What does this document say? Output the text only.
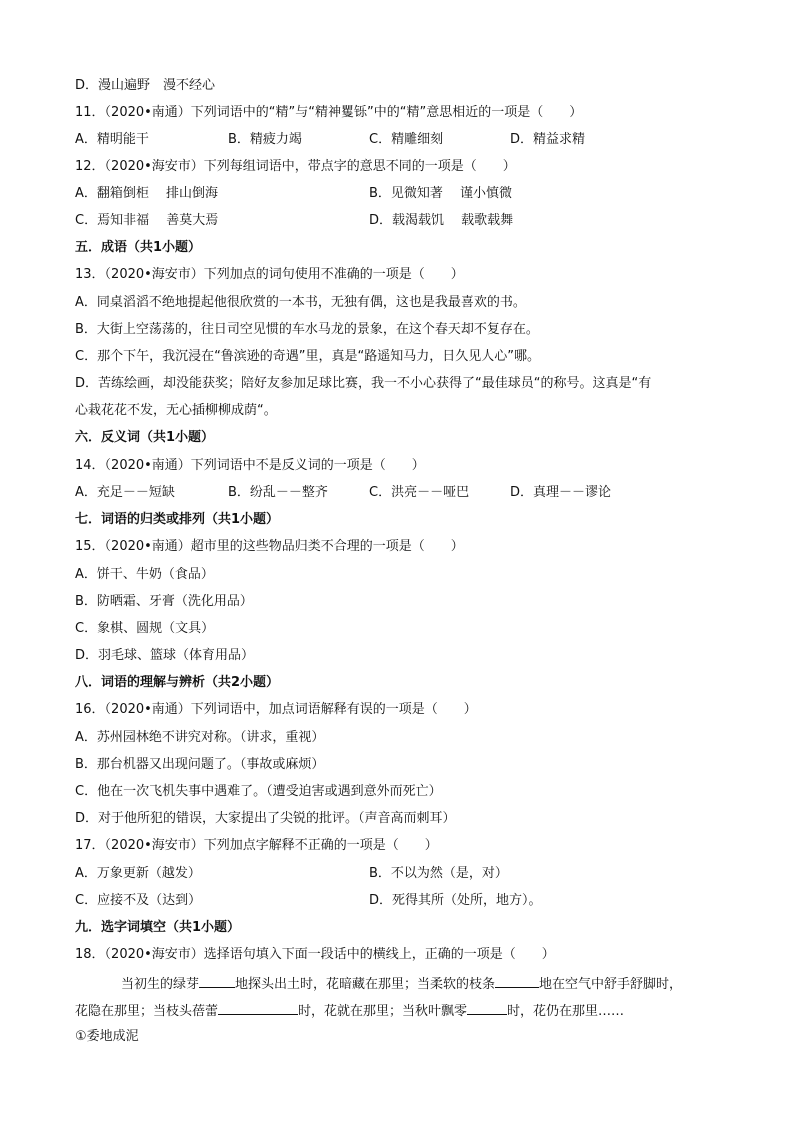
D．漫山遍野　漫不经心
11．（2020•南通）下列词语中的“精”与“精神矍铄”中的“精”意思相近的一项是（　　）
A．精明能干	B．精疲力竭	C．精雕细刻	D．精益求精
12．（2020•海安市）下列每组词语中，带点字的意思不同的一项是（　　）
A．翻箱倒柜　 排山倒海	B．见微知著　 谨小慎微
C．焉知非福　 善莫大焉	D．载渴载饥　 载歌载舞
五．成语（共1小题）
13．（2020•海安市）下列加点的词句使用不准确的一项是（　　）
A．同桌滔滔不绝地提起他很欣赏的一本书，无独有偶，这也是我最喜欢的书。
B．大街上空荡荡的，往日司空见惯的车水马龙的景象，在这个春天却不复存在。
C．那个下午，我沉浸在“鲁滨逊的奇遇”里，真是“路遥知马力，日久见人心”哪。
D．苦练绘画，却没能获奖；陪好友参加足球比赛，我一不小心获得了“最佳球员“的称号。这真是“有
心栽花花不发，无心插柳柳成荫“。
六．反义词（共1小题）
14．（2020•南通）下列词语中不是反义词的一项是（　　）
A．充足－－短缺	B．纷乱－－整齐	C．洪亮－－哑巴	D．真理－－谬论
七．词语的归类或排列（共1小题）
15．（2020•南通）超市里的这些物品归类不合理的一项是（　　）
A．饼干、牛奶（食品）
B．防晒霜、牙膏（洗化用品）
C．象棋、圆规（文具）
D．羽毛球、篮球（体育用品）
八．词语的理解与辨析（共2小题）
16．（2020•南通）下列词语中，加点词语解释有误的一项是（　　）
A．苏州园林绝不讲究对称。（讲求，重视）
B．那台机器又出现问题了。（事故或麻烦）
C．他在一次飞机失事中遇难了。（遭受迫害或遇到意外而死亡）
D．对于他所犯的错误，大家提出了尖锐的批评。（声音高而刺耳）
17．（2020•海安市）下列加点字解释不正确的一项是（　　）
A．万象更新（越发）	B．不以为然（是，对）
C．应接不及（达到）	D．死得其所（处所，地方）。
九．选字词填空（共1小题）
18．（2020•海安市）选择语句填入下面一段话中的横线上，正确的一项是（　　）
当初生的绿芽	地探头出土时，花暗藏在那里；当柔软的枝条	地在空气中舒手舒脚时，
花隐在那里；当枝头蓓蕾	时，花就在那里；当秋叶飘零	时，花仍在那里……
①委地成泥
